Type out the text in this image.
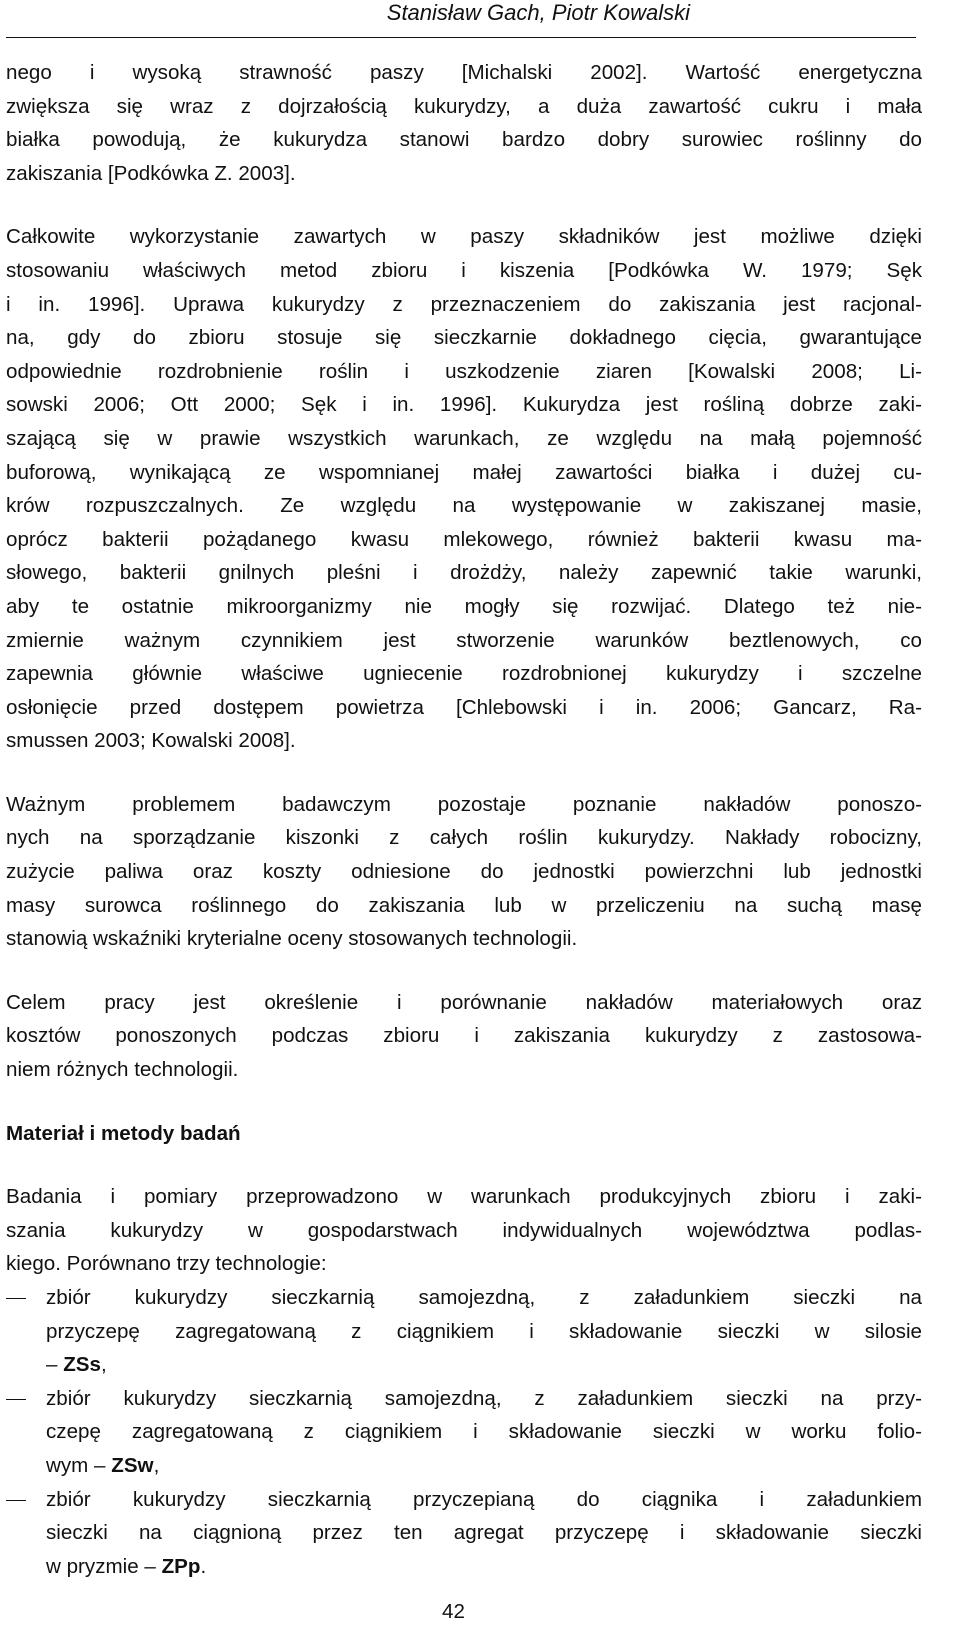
Stanisław Gach, Piotr Kowalski
nego i wysoką strawność paszy [Michalski 2002]. Wartość energetyczna
zwiększa się wraz z dojrzałością kukurydzy, a duża zawartość cukru i mała
białka powodują, że kukurydza stanowi bardzo dobry surowiec roślinny do
zakiszania [Podkówka Z. 2003].
Całkowite wykorzystanie zawartych w paszy składników jest możliwe dzięki
stosowaniu właściwych metod zbioru i kiszenia [Podkówka W. 1979; Sęk
i in. 1996]. Uprawa kukurydzy z przeznaczeniem do zakiszania jest racjonal-
na, gdy do zbioru stosuje się sieczkarnie dokładnego cięcia, gwarantujące
odpowiednie rozdrobnienie roślin i uszkodzenie ziaren [Kowalski 2008; Li-
sowski 2006; Ott 2000; Sęk i in. 1996]. Kukurydza jest rośliną dobrze zaki-
szającą się w prawie wszystkich warunkach, ze względu na małą pojemność
buforową, wynikającą ze wspomnianej małej zawartości białka i dużej cu-
krów rozpuszczalnych. Ze względu na występowanie w zakiszanej masie,
oprócz bakterii pożądanego kwasu mlekowego, również bakterii kwasu ma-
słowego, bakterii gnilnych pleśni i drożdży, należy zapewnić takie warunki,
aby te ostatnie mikroorganizmy nie mogły się rozwijać. Dlatego też nie-
zmiernie ważnym czynnikiem jest stworzenie warunków beztlenowych, co
zapewnia głównie właściwe ugniecenie rozdrobnionej kukurydzy i szczelne
osłonięcie przed dostępem powietrza [Chlebowski i in. 2006; Gancarz, Ra-
smussen 2003; Kowalski 2008].
Ważnym problemem badawczym pozostaje poznanie nakładów ponoszo-
nych na sporządzanie kiszonki z całych roślin kukurydzy. Nakłady robocizny,
zużycie paliwa oraz koszty odniesione do jednostki powierzchni lub jednostki
masy surowca roślinnego do zakiszania lub w przeliczeniu na suchą masę
stanowią wskaźniki kryterialne oceny stosowanych technologii.
Celem pracy jest określenie i porównanie nakładów materiałowych oraz
kosztów ponoszonych podczas zbioru i zakiszania kukurydzy z zastosowa-
niem różnych technologii.
Materiał i metody badań
Badania i pomiary przeprowadzono w warunkach produkcyjnych zbioru i zaki-
szania kukurydzy w gospodarstwach indywidualnych województwa podlas-
kiego. Porównano trzy technologie:
zbiór kukurydzy sieczkarnią samojezdną, z załadunkiem sieczki na
przyczepę zagregatowaną z ciągnikiem i składowanie sieczki w silosie
– ZSs,
zbiór kukurydzy sieczkarnią samojezdną, z załadunkiem sieczki na przy-
czepę zagregatowaną z ciągnikiem i składowanie sieczki w worku folio-
wym – ZSw,
zbiór kukurydzy sieczkarnią przyczepianą do ciągnika i załadunkiem
sieczki na ciągnioną przez ten agregat przyczepę i składowanie sieczki
w pryzmie – ZPp.
42
